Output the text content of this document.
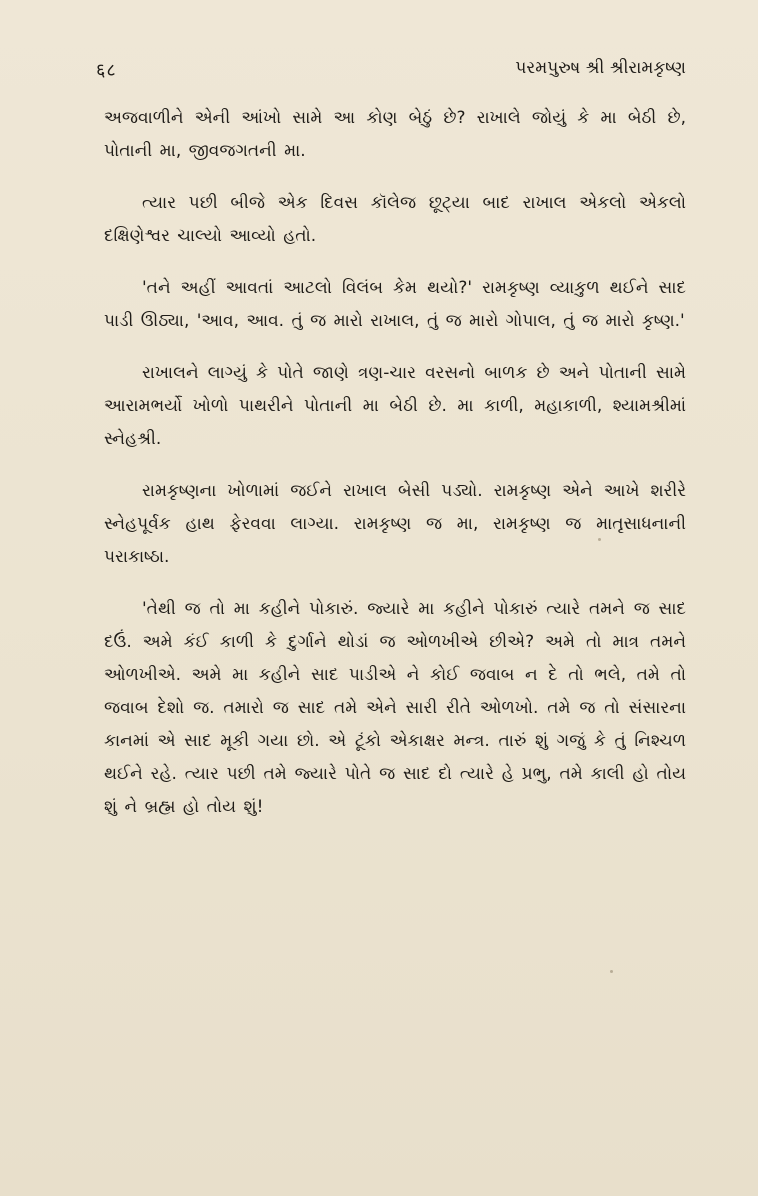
६८	પરમપુરુષ શ્રી શ્રીરામકૃષ્ણ

અજવાળીને એની આંખો સામે આ કોણ બેઠું છે? રાખાલે જોયું કે મા બેઠી છે, પોતાની મા, જીવજગતની મા.

ત્યાર પછી બીજે એક દિવસ કૉલેજ છૂટ્યા બાદ રાખાલ એકલો એકલો દક્ષિણેશ્વર ચાલ્યો આવ્યો હતો.

'તને અહીં આવતાં આટલો વિલંબ કેમ થયો?' રામકૃષ્ણ વ્યાકુળ થઈને સાદ પાડી ઊઠ્યા, 'આવ, આવ. તું જ મારો રાખાલ, તું જ મારો ગોપાલ, તું જ મારો કૃષ્ણ.'

રાખાલને લાગ્યું કે પોતે જાણે ત્રણ-ચાર વરસનો બાળક છે અને પોતાની સામે આરામભર્યો ખોળો પાથરીને પોતાની મા બેઠી છે. મા કાળી, મહાકાળી, શ્યામશ્રીમાં સ્નેહશ્રી.

રામકૃષ્ણના ખોળામાં જઈને રાખાલ બેસી પડ્યો. રામકૃષ્ણ એને આખે શરીરે સ્નેહપૂર્વક હાથ ફેરવવા લાગ્યા. રામકૃષ્ણ જ મા, રામકૃષ્ણ જ માતૃસાધનાની પરાકાષ્ઠા.

'તેથી જ તો મા કહીને પોકારું. જ્યારે મા કહીને પોકારું ત્યારે તમને જ સાદ દઉં. અમે કંઈ કાળી કે દુર્ગાને થોડાં જ ઓળખીએ છીએ? અમે તો માત્ર તમને ઓળખીએ. અમે મા કહીને સાદ પાડીએ ને કોઈ જવાબ ન દે તો ભલે, તમે તો જવાબ દેશો જ. તમારો જ સાદ તમે એને સારી રીતે ઓળખો. તમે જ તો સંસારના કાનમાં એ સાદ મૂકી ગયા છો. એ ટૂંકો એકાક્ષર મન્ત્ર. તારું શું ગજું કે તું નિશ્ચળ થઈને રહે. ત્યાર પછી તમે જ્યારે પોતે જ સાદ દો ત્યારે હે પ્રભુ, તમે કાલી હો તોય શું ને બ્રહ્મ હો તોય શું!
